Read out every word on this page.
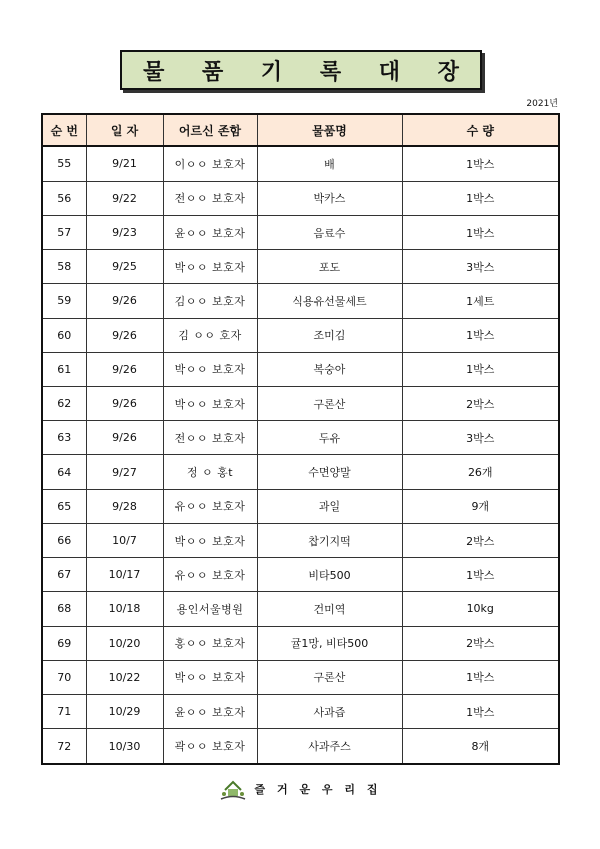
물 품 기 록 대 장
2021년
순 번	일 자	어르신 존함	물품명	수 량
55	9/21	이ㅇㅇ 보호자	배	1박스
56	9/22	전ㅇㅇ 보호자	박카스	1박스
57	9/23	윤ㅇㅇ 보호자	음료수	1박스
58	9/25	박ㅇㅇ 보호자	포도	3박스
59	9/26	김ㅇㅇ 보호자	식용유선물세트	1세트
60	9/26	김 ㅇㅇ 호자	조미김	1박스
61	9/26	박ㅇㅇ 보호자	복숭아	1박스
62	9/26	박ㅇㅇ 보호자	구론산	2박스
63	9/26	전ㅇㅇ 보호자	두유	3박스
64	9/27	정 ㅇ 홍t	수면양말	26개
65	9/28	유ㅇㅇ 보호자	과일	9개
66	10/7	박ㅇㅇ 보호자	찹기지떡	2박스
67	10/17	유ㅇㅇ 보호자	비타500	1박스
68	10/18	용인서울병원	건미역	10kg
69	10/20	홍ㅇㅇ 보호자	귤1망, 비타500	2박스
70	10/22	박ㅇㅇ 보호자	구론산	1박스
71	10/29	윤ㅇㅇ 보호자	사과즙	1박스
72	10/30	곽ㅇㅇ 보호자	사과주스	8개
즐 거 운 우 리 집
